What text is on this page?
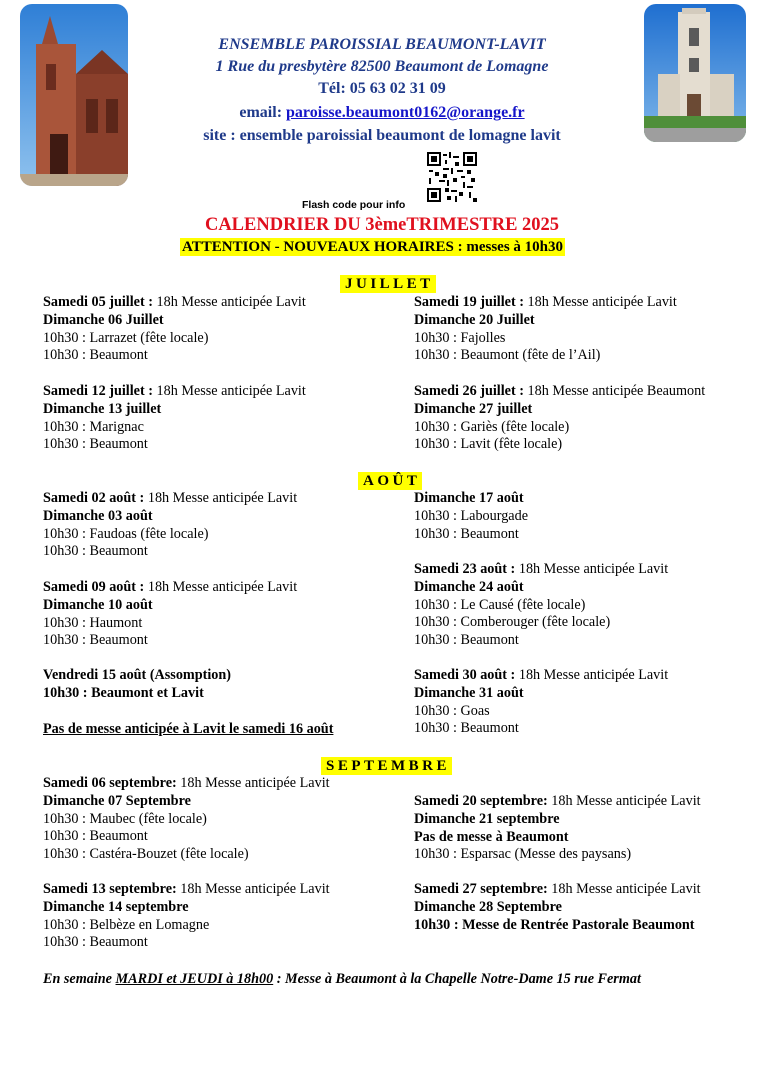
ENSEMBLE PAROISSIAL BEAUMONT-LAVIT
1 Rue du presbytère 82500 Beaumont de Lomagne
Tél: 05 63 02 31 09
email: paroisse.beaumont0162@orange.fr
site : ensemble paroissial beaumont de lomagne lavit
Flash code pour info
CALENDRIER DU 3èmeTRIMESTRE 2025
ATTENTION - NOUVEAUX HORAIRES : messes à 10h30
JUILLET
Samedi 05 juillet : 18h Messe anticipée Lavit
Dimanche 06 Juillet
10h30 : Larrazet (fête locale)
10h30 : Beaumont
Samedi 12 juillet : 18h Messe anticipée Lavit
Dimanche 13 juillet
10h30 : Marignac
10h30 : Beaumont
Samedi 19 juillet : 18h Messe anticipée Lavit
Dimanche 20 Juillet
10h30 : Fajolles
10h30 : Beaumont (fête de l’Ail)
Samedi 26 juillet : 18h Messe anticipée Beaumont
Dimanche 27 juillet
10h30 : Gariès (fête locale)
10h30 : Lavit (fête locale)
AOÛT
Samedi 02 août : 18h Messe anticipée Lavit
Dimanche 03 août
10h30 : Faudoas (fête locale)
10h30 : Beaumont
Samedi 09 août : 18h Messe anticipée Lavit
Dimanche 10 août
10h30 : Haumont
10h30 : Beaumont
Vendredi 15 août (Assomption)
10h30 : Beaumont et Lavit
Pas de messe anticipée à Lavit le samedi 16 août
Dimanche 17 août
10h30 : Labourgade
10h30 : Beaumont
Samedi 23 août : 18h Messe anticipée Lavit
Dimanche 24 août
10h30 : Le Causé (fête locale)
10h30 : Comberouger (fête locale)
10h30 : Beaumont
Samedi 30 août : 18h Messe anticipée Lavit
Dimanche 31 août
10h30 : Goas
10h30 : Beaumont
SEPTEMBRE
Samedi 06 septembre: 18h Messe anticipée Lavit
Dimanche 07 Septembre
10h30 : Maubec (fête locale)
10h30 : Beaumont
10h30 : Castéra-Bouzet (fête locale)
Samedi 13 septembre: 18h Messe anticipée Lavit
Dimanche 14 septembre
10h30 : Belbèze en Lomagne
10h30 : Beaumont
Samedi 20 septembre: 18h Messe anticipée Lavit
Dimanche 21 septembre
Pas de messe à Beaumont
10h30 : Esparsac (Messe des paysans)
Samedi 27 septembre: 18h Messe anticipée Lavit
Dimanche 28 Septembre
10h30 : Messe de Rentrée Pastorale Beaumont
En semaine MARDI et JEUDI à 18h00 : Messe à Beaumont à la Chapelle Notre-Dame 15 rue Fermat
